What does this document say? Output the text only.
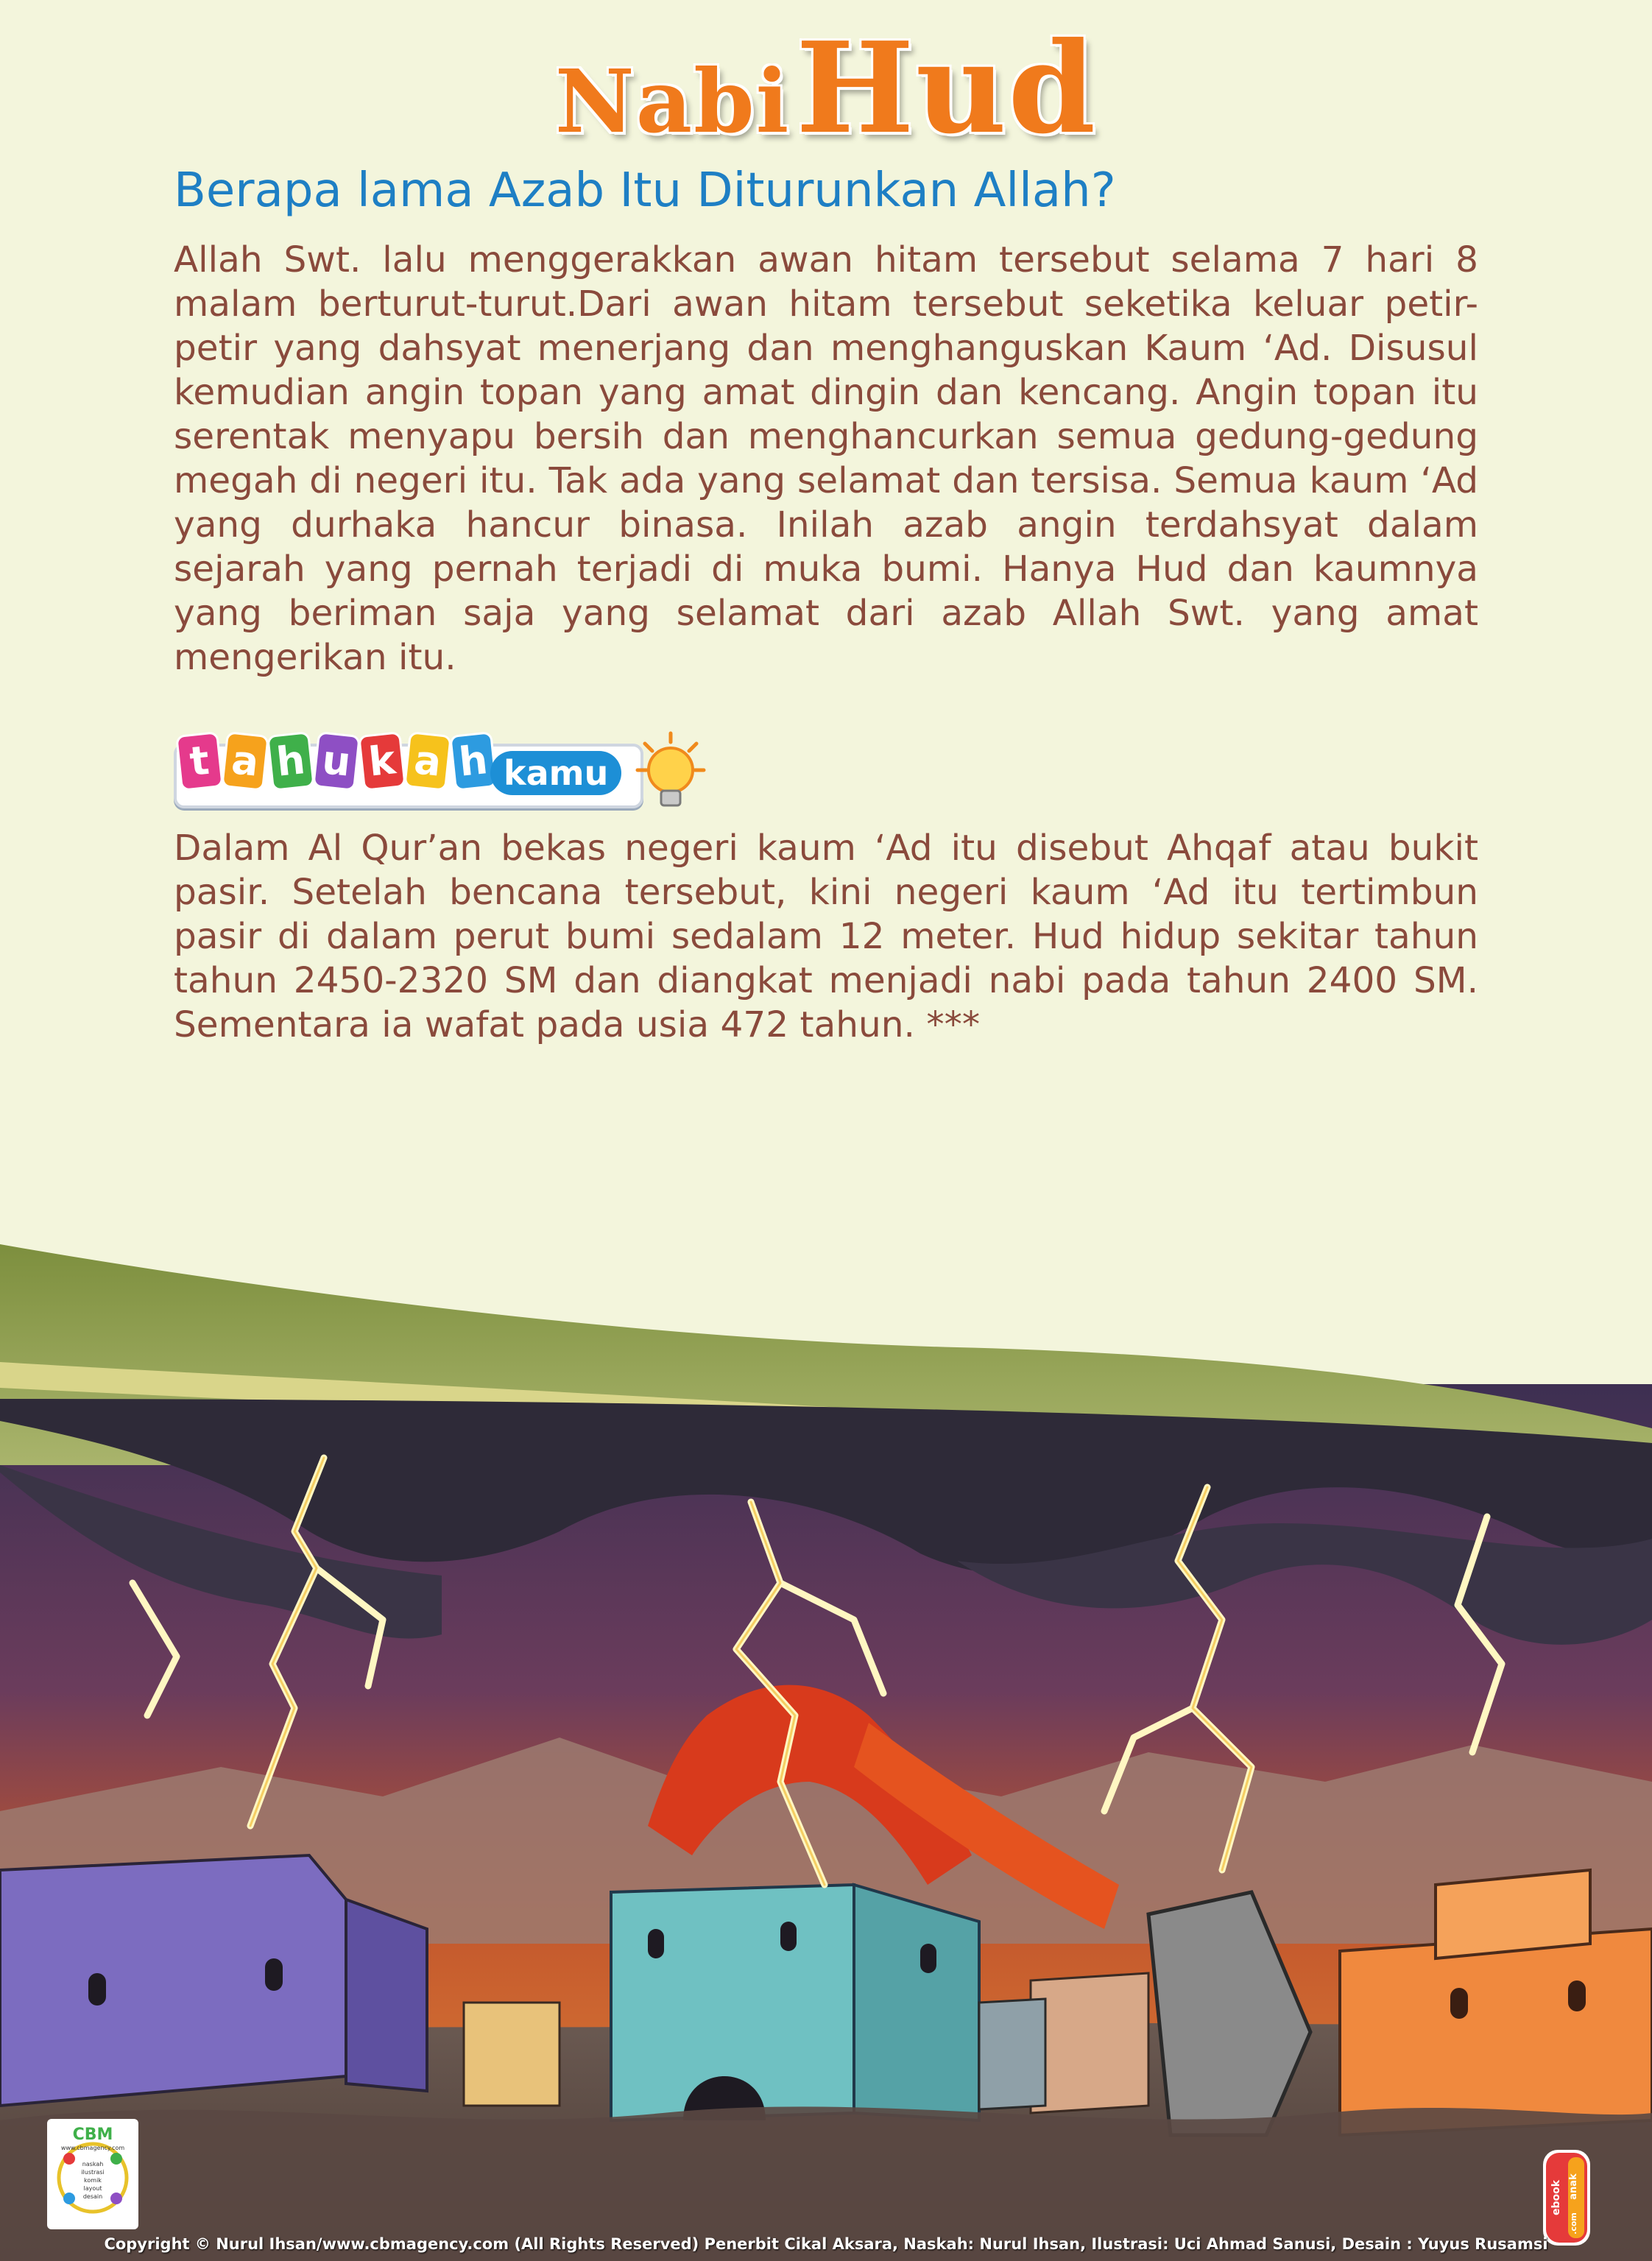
Nabi Hud
Berapa lama Azab Itu Diturunkan Allah?
Allah Swt. lalu menggerakkan awan hitam tersebut selama 7 hari 8 malam berturut-turut.Dari awan hitam tersebut seketika keluar petir-petir yang dahsyat menerjang dan menghanguskan Kaum ‘Ad. Disusul kemudian angin topan yang amat dingin dan kencang. Angin topan itu serentak menyapu bersih dan menghancurkan semua gedung-gedung megah di negeri itu. Tak ada yang selamat dan tersisa. Semua kaum ‘Ad yang durhaka hancur binasa. Inilah azab angin terdahsyat dalam sejarah yang pernah terjadi di muka bumi. Hanya Hud dan kaumnya yang beriman saja yang selamat dari azab Allah Swt. yang amat mengerikan itu.
t a h u k a h kamu
Dalam Al Qur’an bekas negeri kaum ‘Ad itu disebut Ahqaf atau bukit pasir. Setelah bencana tersebut, kini negeri kaum ‘Ad itu tertimbun pasir di dalam perut bumi sedalam 12 meter. Hud hidup sekitar tahun tahun 2450-2320 SM dan diangkat menjadi nabi pada tahun 2400 SM. Sementara ia wafat pada usia 472 tahun. ***
CBM
www.cbmagency.com
naskah
ilustrasi
komik
layout
desain	ebook anak
.com
Copyright © Nurul Ihsan/www.cbmagency.com (All Rights Reserved) Penerbit Cikal Aksara, Naskah: Nurul Ihsan, Ilustrasi: Uci Ahmad Sanusi, Desain : Yuyus Rusamsi
